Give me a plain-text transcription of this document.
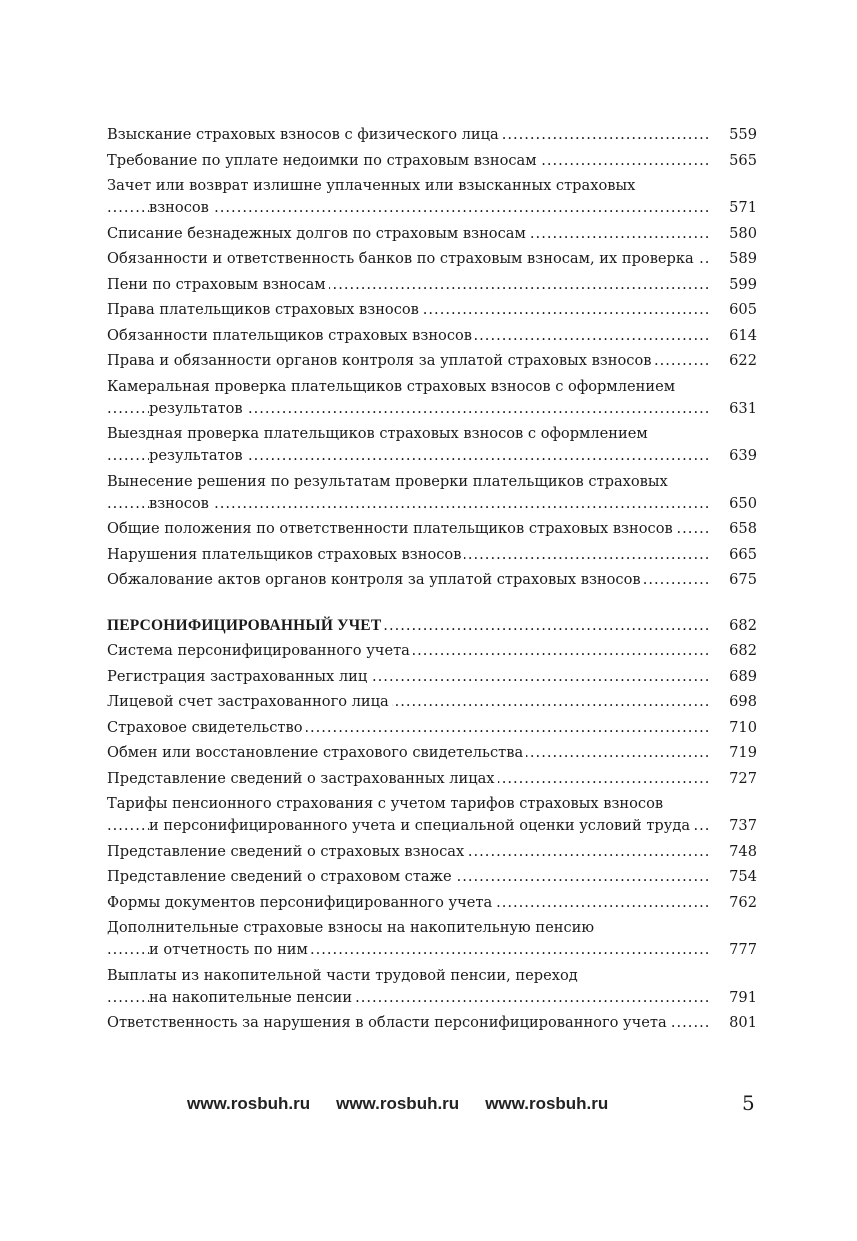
Взыскание страховых взносов с физического лица .....	559
Требование по уплате недоимки по страховым взносам .....	565
Зачет или возврат излишне уплаченных или взысканных страховых
взносов
.....	571
Списание безнадежных долгов по страховым взносам .....	580
Обязанности и ответственность банков по страховым взносам, их проверка .....	589
Пени по страховым взносам .....	599
Права плательщиков страховых взносов .....	605
Обязанности плательщиков страховых взносов .....	614
Права и обязанности органов контроля за уплатой страховых взносов .....	622
Камеральная проверка плательщиков страховых взносов с оформлением
результатов
.....	631
Выездная проверка плательщиков страховых взносов с оформлением
результатов
.....	639
Вынесение решения по результатам проверки плательщиков страховых
взносов
.....	650
Общие положения по ответственности плательщиков страховых взносов .....	658
Нарушения плательщиков страховых взносов .....	665
Обжалование актов органов контроля за уплатой страховых взносов .....	675
ПЕРСОНИФИЦИРОВАННЫЙ УЧЕТ .....	682
Система персонифицированного учета .....	682
Регистрация застрахованных лиц .....	689
Лицевой счет застрахованного лица .....	698
Страховое свидетельство .....	710
Обмен или восстановление страхового свидетельства .....	719
Представление сведений о застрахованных лицах .....	727
Тарифы пенсионного страхования с учетом тарифов страховых взносов
и персонифицированного учета и специальной оценки условий труда
.....	737
Представление сведений о страховых взносах .....	748
Представление сведений о страховом стаже .....	754
Формы документов персонифицированного учета .....	762
Дополнительные страховые взносы на накопительную пенсию
и отчетность по ним
.....	777
Выплаты из накопительной части трудовой пенсии, переход
на накопительные пенсии
.....	791
Ответственность за нарушения в области персонифицированного учета .....	801
www.rosbuh.ru www.rosbuh.ru www.rosbuh.ru	5
